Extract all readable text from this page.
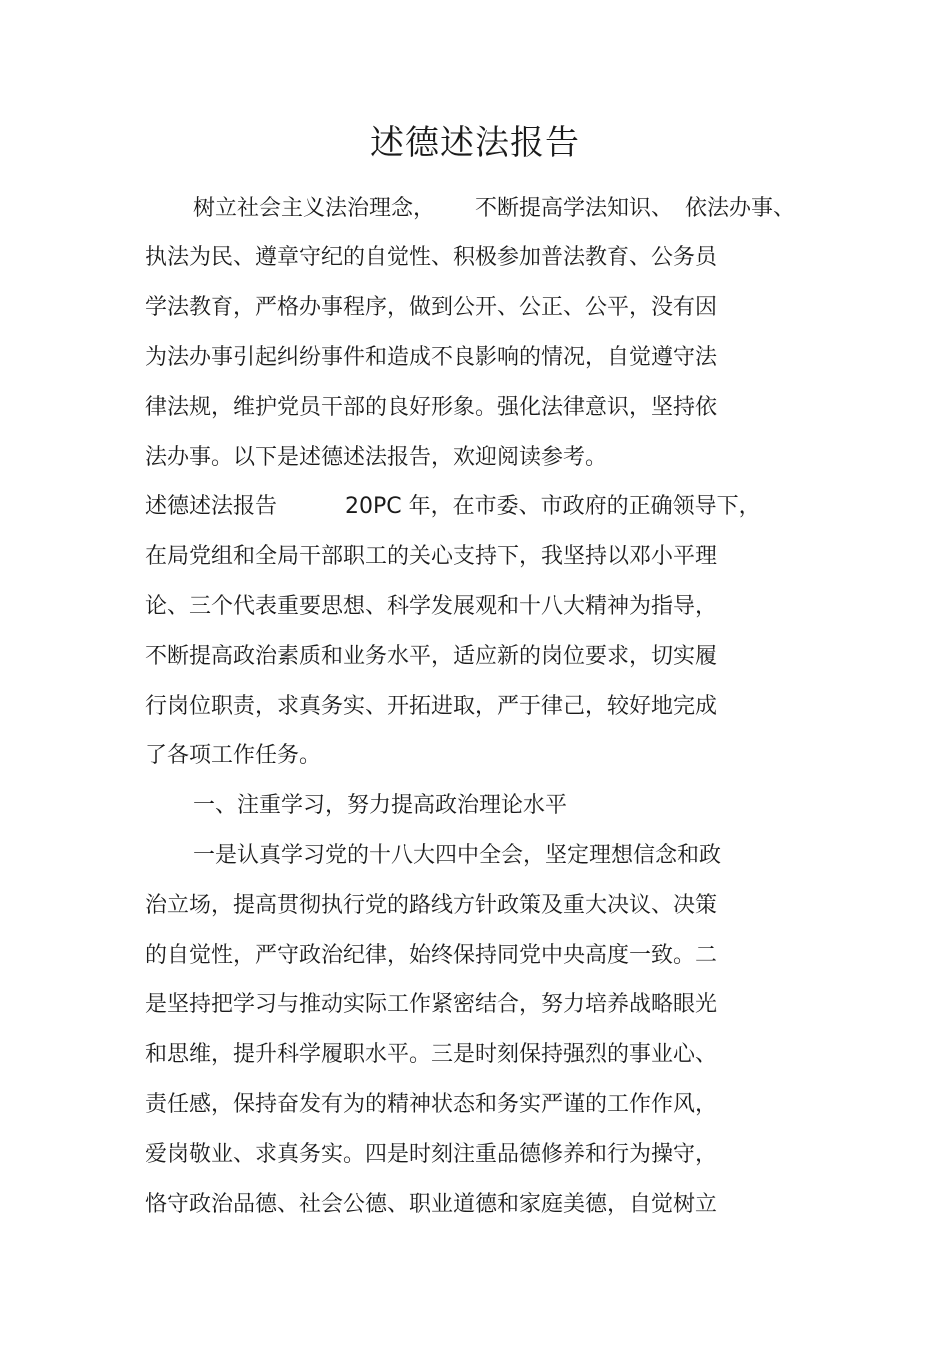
述德述法报告
树立社会主义法治理念， 不断提高学法知识、 依法办事、
执法为民、遵章守纪的自觉性、积极参加普法教育、公务员
学法教育，严格办事程序，做到公开、公正、公平，没有因
为法办事引起纠纷事件和造成不良影响的情况，自觉遵守法
律法规，维护党员干部的良好形象。强化法律意识，坚持依
法办事。以下是述德述法报告，欢迎阅读参考。
述德述法报告	20PC 年，在市委、市政府的正确领导下，
在局党组和全局干部职工的关心支持下，我坚持以邓小平理
论、三个代表重要思想、科学发展观和十八大精神为指导，
不断提高政治素质和业务水平，适应新的岗位要求，切实履
行岗位职责，求真务实、开拓进取，严于律己，较好地完成
了各项工作任务。
一、注重学习，努力提高政治理论水平
一是认真学习党的十八大四中全会，坚定理想信念和政
治立场，提高贯彻执行党的路线方针政策及重大决议、决策
的自觉性，严守政治纪律，始终保持同党中央高度一致。二
是坚持把学习与推动实际工作紧密结合，努力培养战略眼光
和思维，提升科学履职水平。三是时刻保持强烈的事业心、
责任感，保持奋发有为的精神状态和务实严谨的工作作风，
爱岗敬业、求真务实。四是时刻注重品德修养和行为操守，
恪守政治品德、社会公德、职业道德和家庭美德，自觉树立
